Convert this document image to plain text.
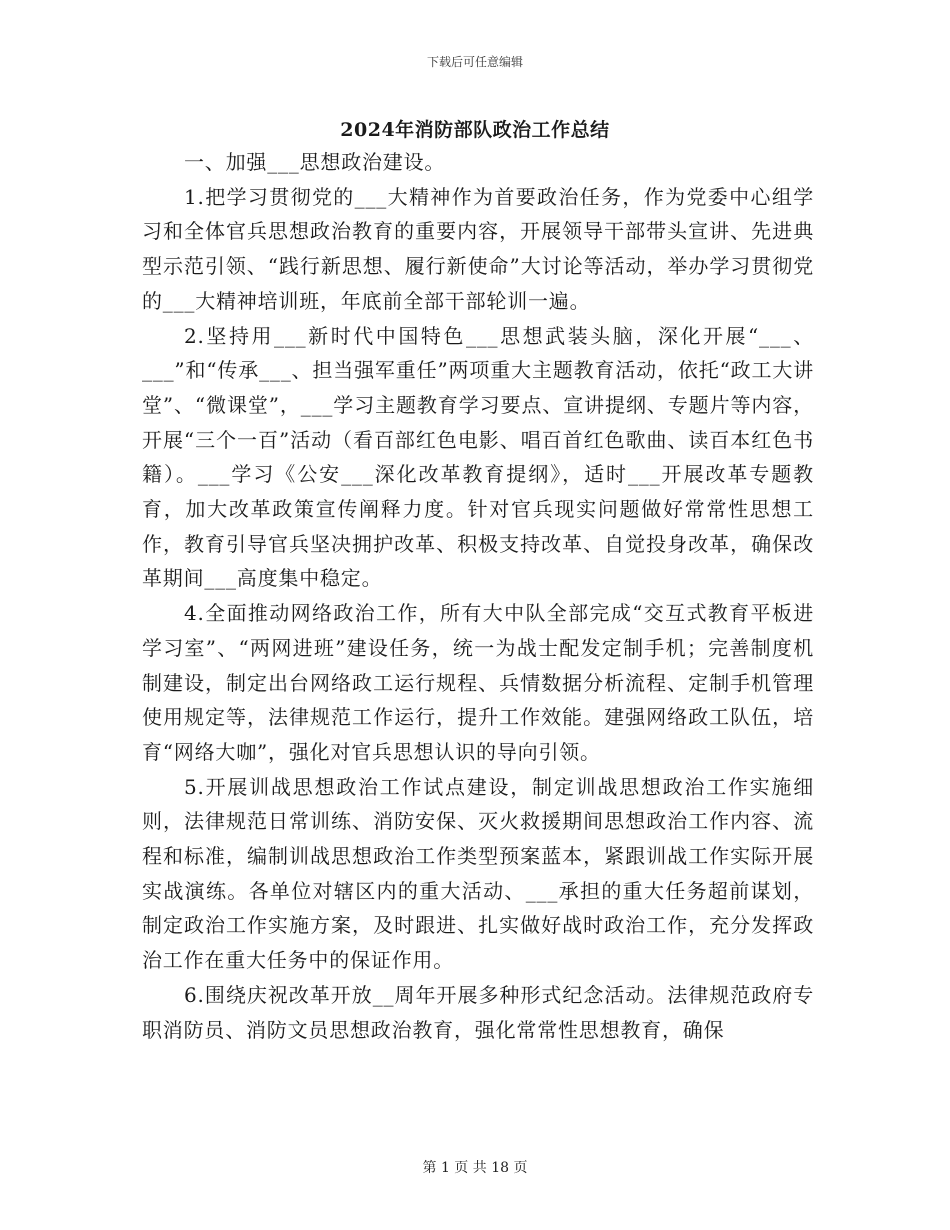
下载后可任意编辑
2024年消防部队政治工作总结

一、加强___思想政治建设。

1.把学习贯彻党的___大精神作为首要政治任务，作为党委中心组学习和全体官兵思想政治教育的重要内容，开展领导干部带头宣讲、先进典型示范引领、“践行新思想、履行新使命”大讨论等活动，举办学习贯彻党的___大精神培训班，年底前全部干部轮训一遍。

2.坚持用___新时代中国特色___思想武装头脑，深化开展“___、___”和“传承___、担当强军重任”两项重大主题教育活动，依托“政工大讲堂”、“微课堂”，___学习主题教育学习要点、宣讲提纲、专题片等内容，开展“三个一百”活动（看百部红色电影、唱百首红色歌曲、读百本红色书籍）。___学习《公安___深化改革教育提纲》，适时___开展改革专题教育，加大改革政策宣传阐释力度。针对官兵现实问题做好常常性思想工作，教育引导官兵坚决拥护改革、积极支持改革、自觉投身改革，确保改革期间___高度集中稳定。

4.全面推动网络政治工作，所有大中队全部完成“交互式教育平板进学习室”、“两网进班”建设任务，统一为战士配发定制手机；完善制度机制建设，制定出台网络政工运行规程、兵情数据分析流程、定制手机管理使用规定等，法律规范工作运行，提升工作效能。建强网络政工队伍，培育“网络大咖”，强化对官兵思想认识的导向引领。

5.开展训战思想政治工作试点建设，制定训战思想政治工作实施细则，法律规范日常训练、消防安保、灭火救援期间思想政治工作内容、流程和标准，编制训战思想政治工作类型预案蓝本，紧跟训战工作实际开展实战演练。各单位对辖区内的重大活动、___承担的重大任务超前谋划，制定政治工作实施方案，及时跟进、扎实做好战时政治工作，充分发挥政治工作在重大任务中的保证作用。

6.围绕庆祝改革开放__周年开展多种形式纪念活动。法律规范政府专职消防员、消防文员思想政治教育，强化常常性思想教育，确保

第 1 页 共 18 页
